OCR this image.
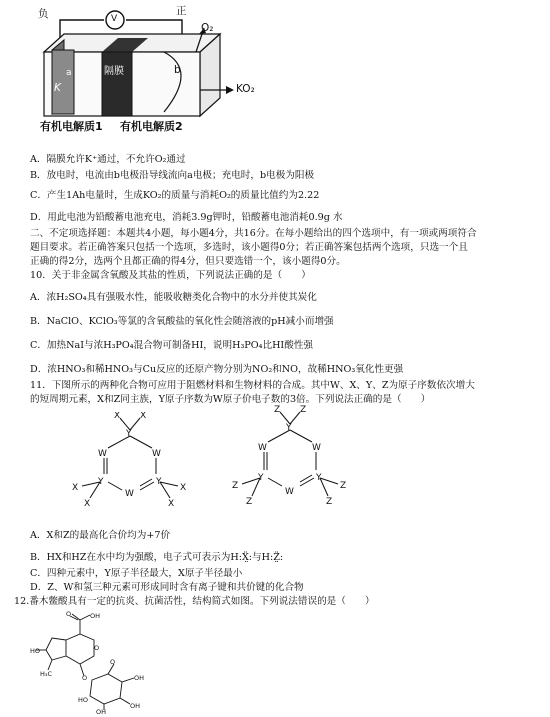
负	正
V
O₂
KO₂
K
a	b
隔膜
有机电解质1 有机电解质2
A．隔膜允许K⁺通过，不允许O₂通过
B．放电时，电流由b电极沿导线流向a电极；充电时，b电极为阳极
C．产生1Ah电量时，生成KO₂的质量与消耗O₂的质量比值约为2.22
D．用此电池为铅酸蓄电池充电，消耗3.9g钾时，铅酸蓄电池消耗0.9g 水
二、不定项选择题：本题共4小题，每小题4分，共16分。在每小题给出的四个选项中，有一项或两项符合
题目要求。若正确答案只包括一个选项，多选时，该小题得0分；若正确答案包括两个选项，只选一个且
正确的得2分，选两个且都正确的得4分，但只要选错一个，该小题得0分。
10．关于非金属含氧酸及其盐的性质，下列说法正确的是（　　）
A．浓H₂SO₄具有强吸水性，能吸收糖类化合物中的水分并使其炭化
B．NaClO、KClO₃等氯的含氧酸盐的氧化性会随溶液的pH减小而增强
C．加热NaI与浓H₃PO₄混合物可制备HI，说明H₃PO₄比HI酸性强
D．浓HNO₃和稀HNO₃与Cu反应的还原产物分别为NO₂和NO，故稀HNO₃氧化性更强
11．下图所示的两种化合物可应用于阻燃材料和生物材料的合成。其中W、X、Y、Z为原子序数依次增大
的短周期元素，X和Z同主族，Y原子序数为W原子价电子数的3倍。下列说法正确的是（　　）
Y
W	W
Y	Y
W
X X
X
X
X
X
Y
W	W
Y	Y
W
Z Z
Z
Z
Z
Z
A．X和Z的最高化合价均为+7价
B．HX和HZ在水中均为强酸，电子式可表示为H:Ẍ̤:与H:Z̤̈:
C．四种元素中，Y原子半径最大，X原子半径最小
D．Z、W和氢三种元素可形成同时含有离子键和共价键的化合物
12.番木鳖酸具有一定的抗炎、抗菌活性，结构简式如图。下列说法错误的是（　　）
O	OH
O
HO
H₃C	O
O
OH
OH
OH
HO
